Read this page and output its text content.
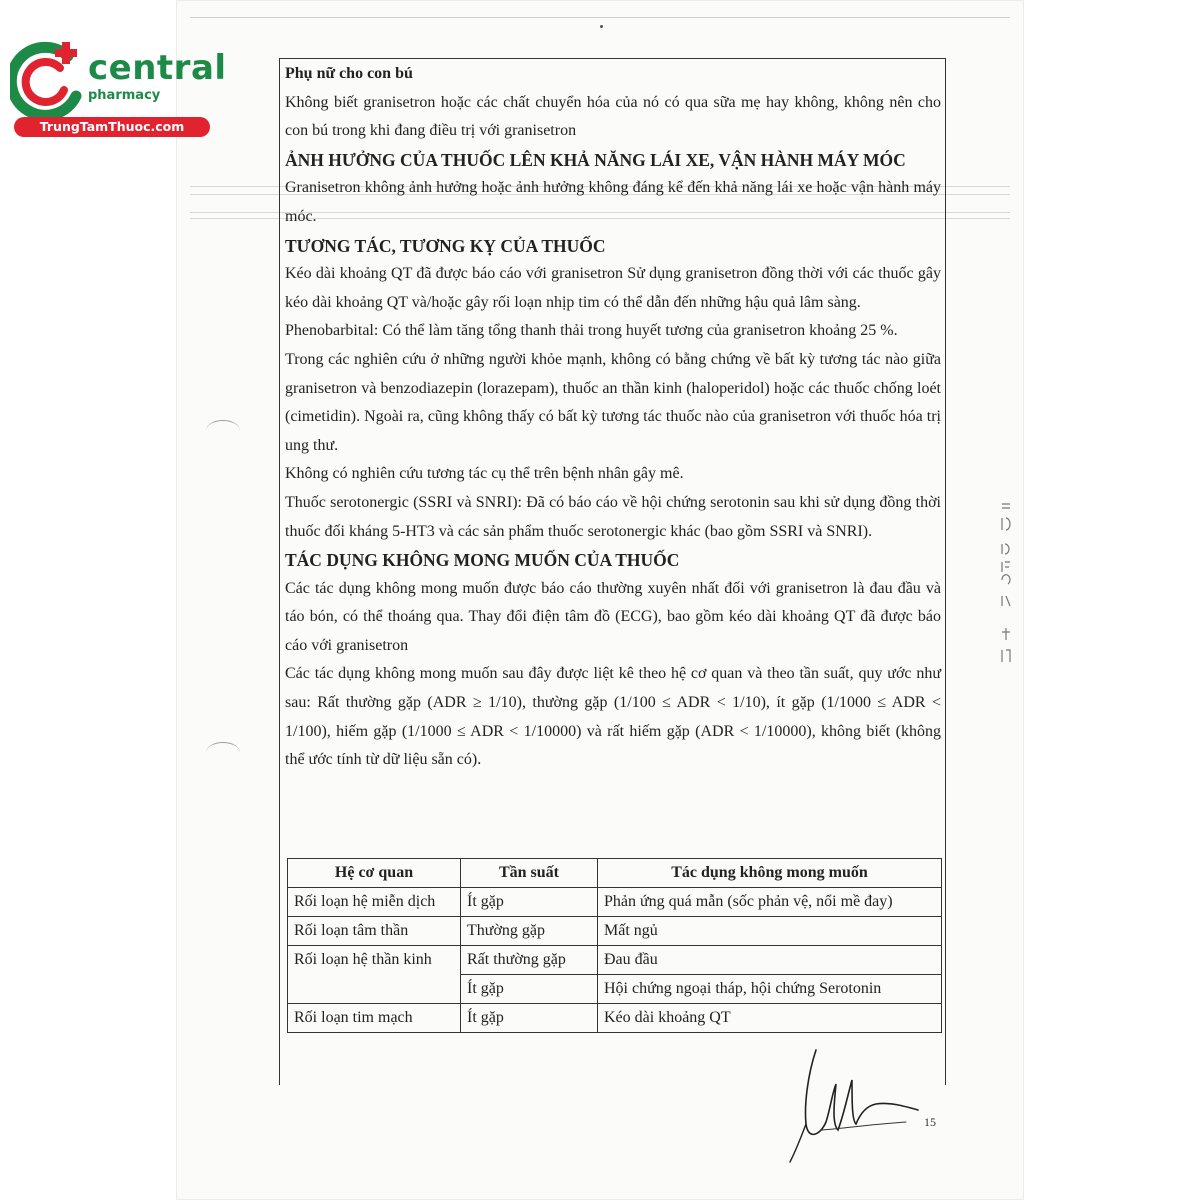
central
pharmacy
TrungTamThuoc.com
Phụ nữ cho con bú

Không biết granisetron hoặc các chất chuyển hóa của nó có qua sữa mẹ hay không, không nên cho con bú trong khi đang điều trị với granisetron

ẢNH HƯỞNG CỦA THUỐC LÊN KHẢ NĂNG LÁI XE, VẬN HÀNH MÁY MÓC

Granisetron không ảnh hưởng hoặc ảnh hưởng không đáng kể đến khả năng lái xe hoặc vận hành máy móc.

TƯƠNG TÁC, TƯƠNG KỴ CỦA THUỐC

Kéo dài khoảng QT đã được báo cáo với granisetron Sử dụng granisetron đồng thời với các thuốc gây kéo dài khoảng QT và/hoặc gây rối loạn nhịp tim có thể dẫn đến những hậu quả lâm sàng.

Phenobarbital: Có thể làm tăng tổng thanh thải trong huyết tương của granisetron khoảng 25 %.

Trong các nghiên cứu ở những người khỏe mạnh, không có bằng chứng về bất kỳ tương tác nào giữa granisetron và benzodiazepin (lorazepam), thuốc an thần kinh (haloperidol) hoặc các thuốc chống loét (cimetidin). Ngoài ra, cũng không thấy có bất kỳ tương tác thuốc nào của granisetron với thuốc hóa trị ung thư.

Không có nghiên cứu tương tác cụ thể trên bệnh nhân gây mê.

Thuốc serotonergic (SSRI và SNRI): Đã có báo cáo về hội chứng serotonin sau khi sử dụng đồng thời thuốc đối kháng 5-HT3 và các sản phẩm thuốc serotonergic khác (bao gồm SSRI và SNRI).

TÁC DỤNG KHÔNG MONG MUỐN CỦA THUỐC

Các tác dụng không mong muốn được báo cáo thường xuyên nhất đối với granisetron là đau đầu và táo bón, có thể thoáng qua. Thay đổi điện tâm đồ (ECG), bao gồm kéo dài khoảng QT đã được báo cáo với granisetron

Các tác dụng không mong muốn sau đây được liệt kê theo hệ cơ quan và theo tần suất, quy ước như sau: Rất thường gặp (ADR ≥ 1/10), thường gặp (1/100 ≤ ADR < 1/10), ít gặp (1/1000 ≤ ADR < 1/100), hiếm gặp (1/1000 ≤ ADR < 1/10000) và rất hiếm gặp (ADR < 1/10000), không biết (không thể ước tính từ dữ liệu sẵn có).

Hệ cơ quan	Tần suất	Tác dụng không mong muốn
Rối loạn hệ miễn dịch	Ít gặp	Phản ứng quá mẫn (sốc phản vệ, nổi mề đay)
Rối loạn tâm thần	Thường gặp	Mất ngủ
Rối loạn hệ thần kinh	Rất thường gặp	Đau đầu
	Ít gặp	Hội chứng ngoại tháp, hội chứng Serotonin
Rối loạn tim mạch	Ít gặp	Kéo dài khoảng QT
15
